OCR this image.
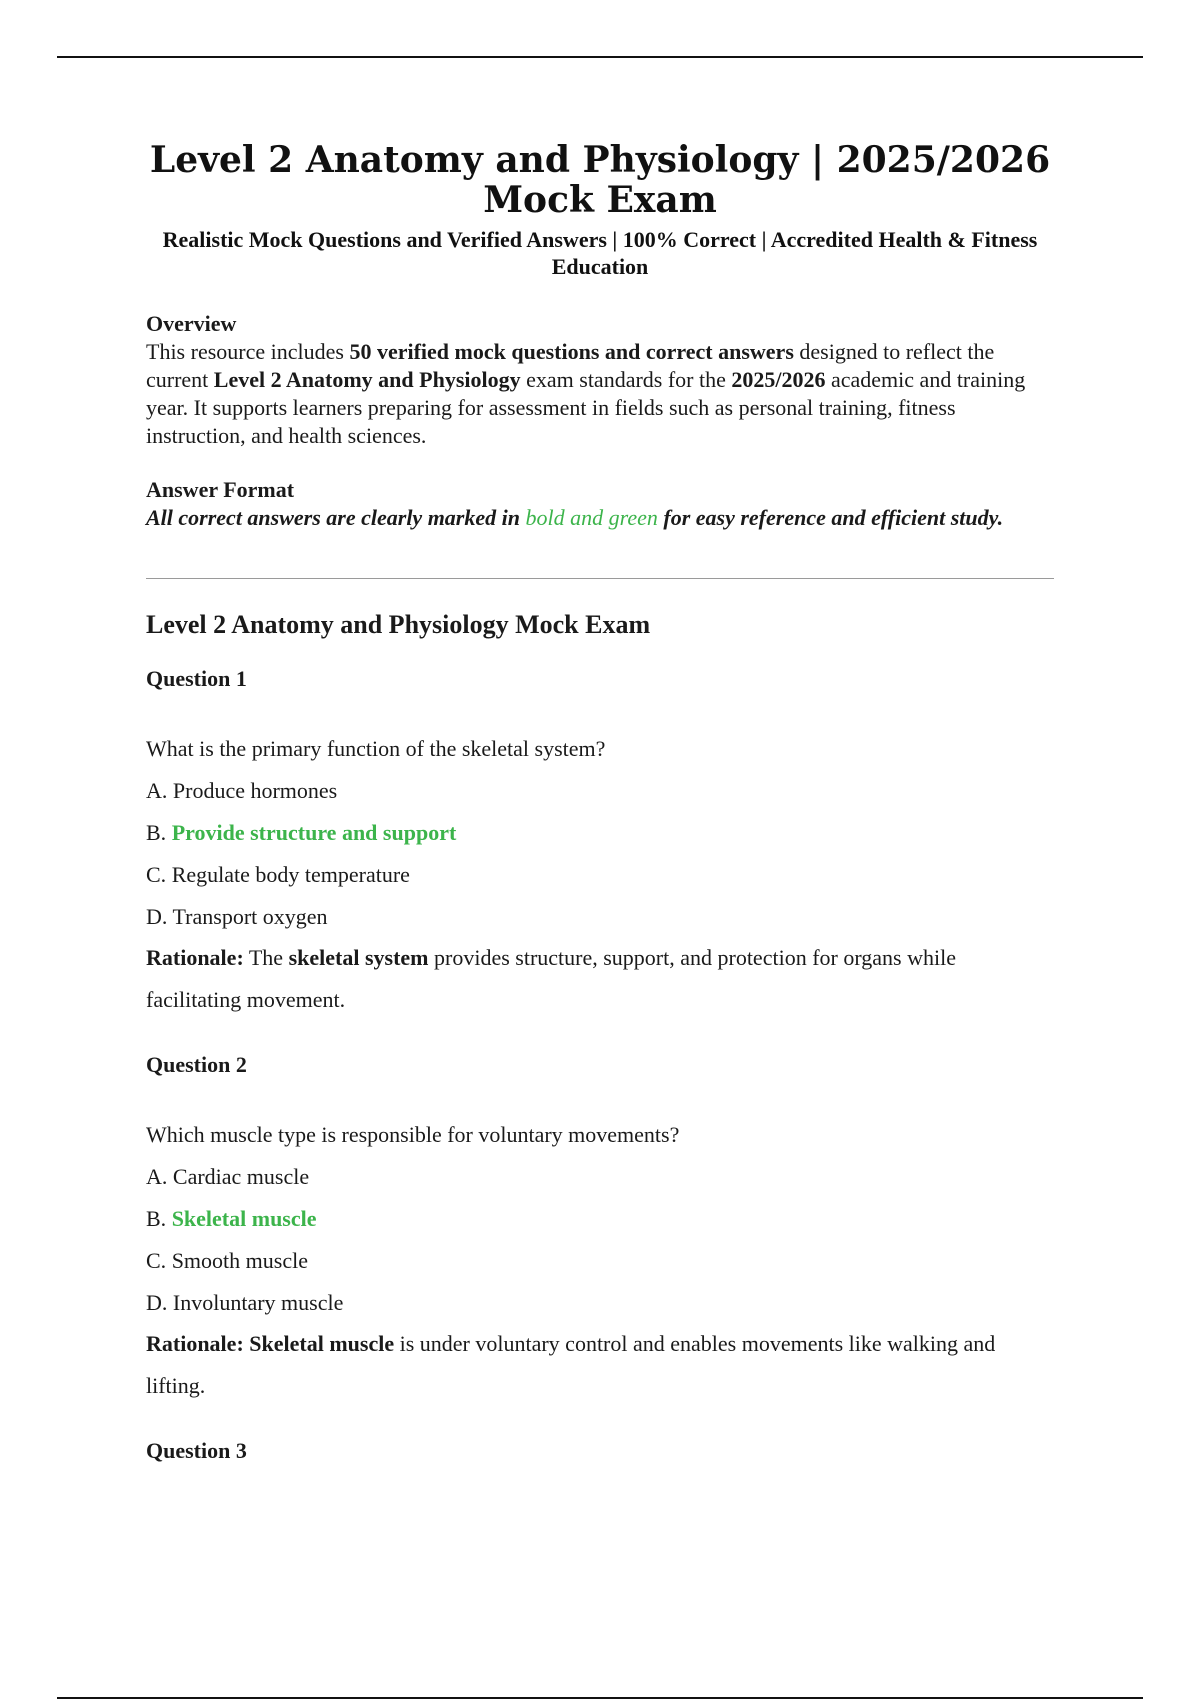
Level 2 Anatomy and Physiology | 2025/2026 Mock Exam

Realistic Mock Questions and Verified Answers | 100% Correct | Accredited Health & Fitness Education

Overview

This resource includes 50 verified mock questions and correct answers designed to reflect the current Level 2 Anatomy and Physiology exam standards for the 2025/2026 academic and training year. It supports learners preparing for assessment in fields such as personal training, fitness instruction, and health sciences.

Answer Format

All correct answers are clearly marked in bold and green for easy reference and efficient study.

Level 2 Anatomy and Physiology Mock Exam

Question 1

What is the primary function of the skeletal system?

A. Produce hormones

B. Provide structure and support

C. Regulate body temperature

D. Transport oxygen

Rationale: The skeletal system provides structure, support, and protection for organs while facilitating movement.

Question 2

Which muscle type is responsible for voluntary movements?

A. Cardiac muscle

B. Skeletal muscle

C. Smooth muscle

D. Involuntary muscle

Rationale: Skeletal muscle is under voluntary control and enables movements like walking and lifting.

Question 3
